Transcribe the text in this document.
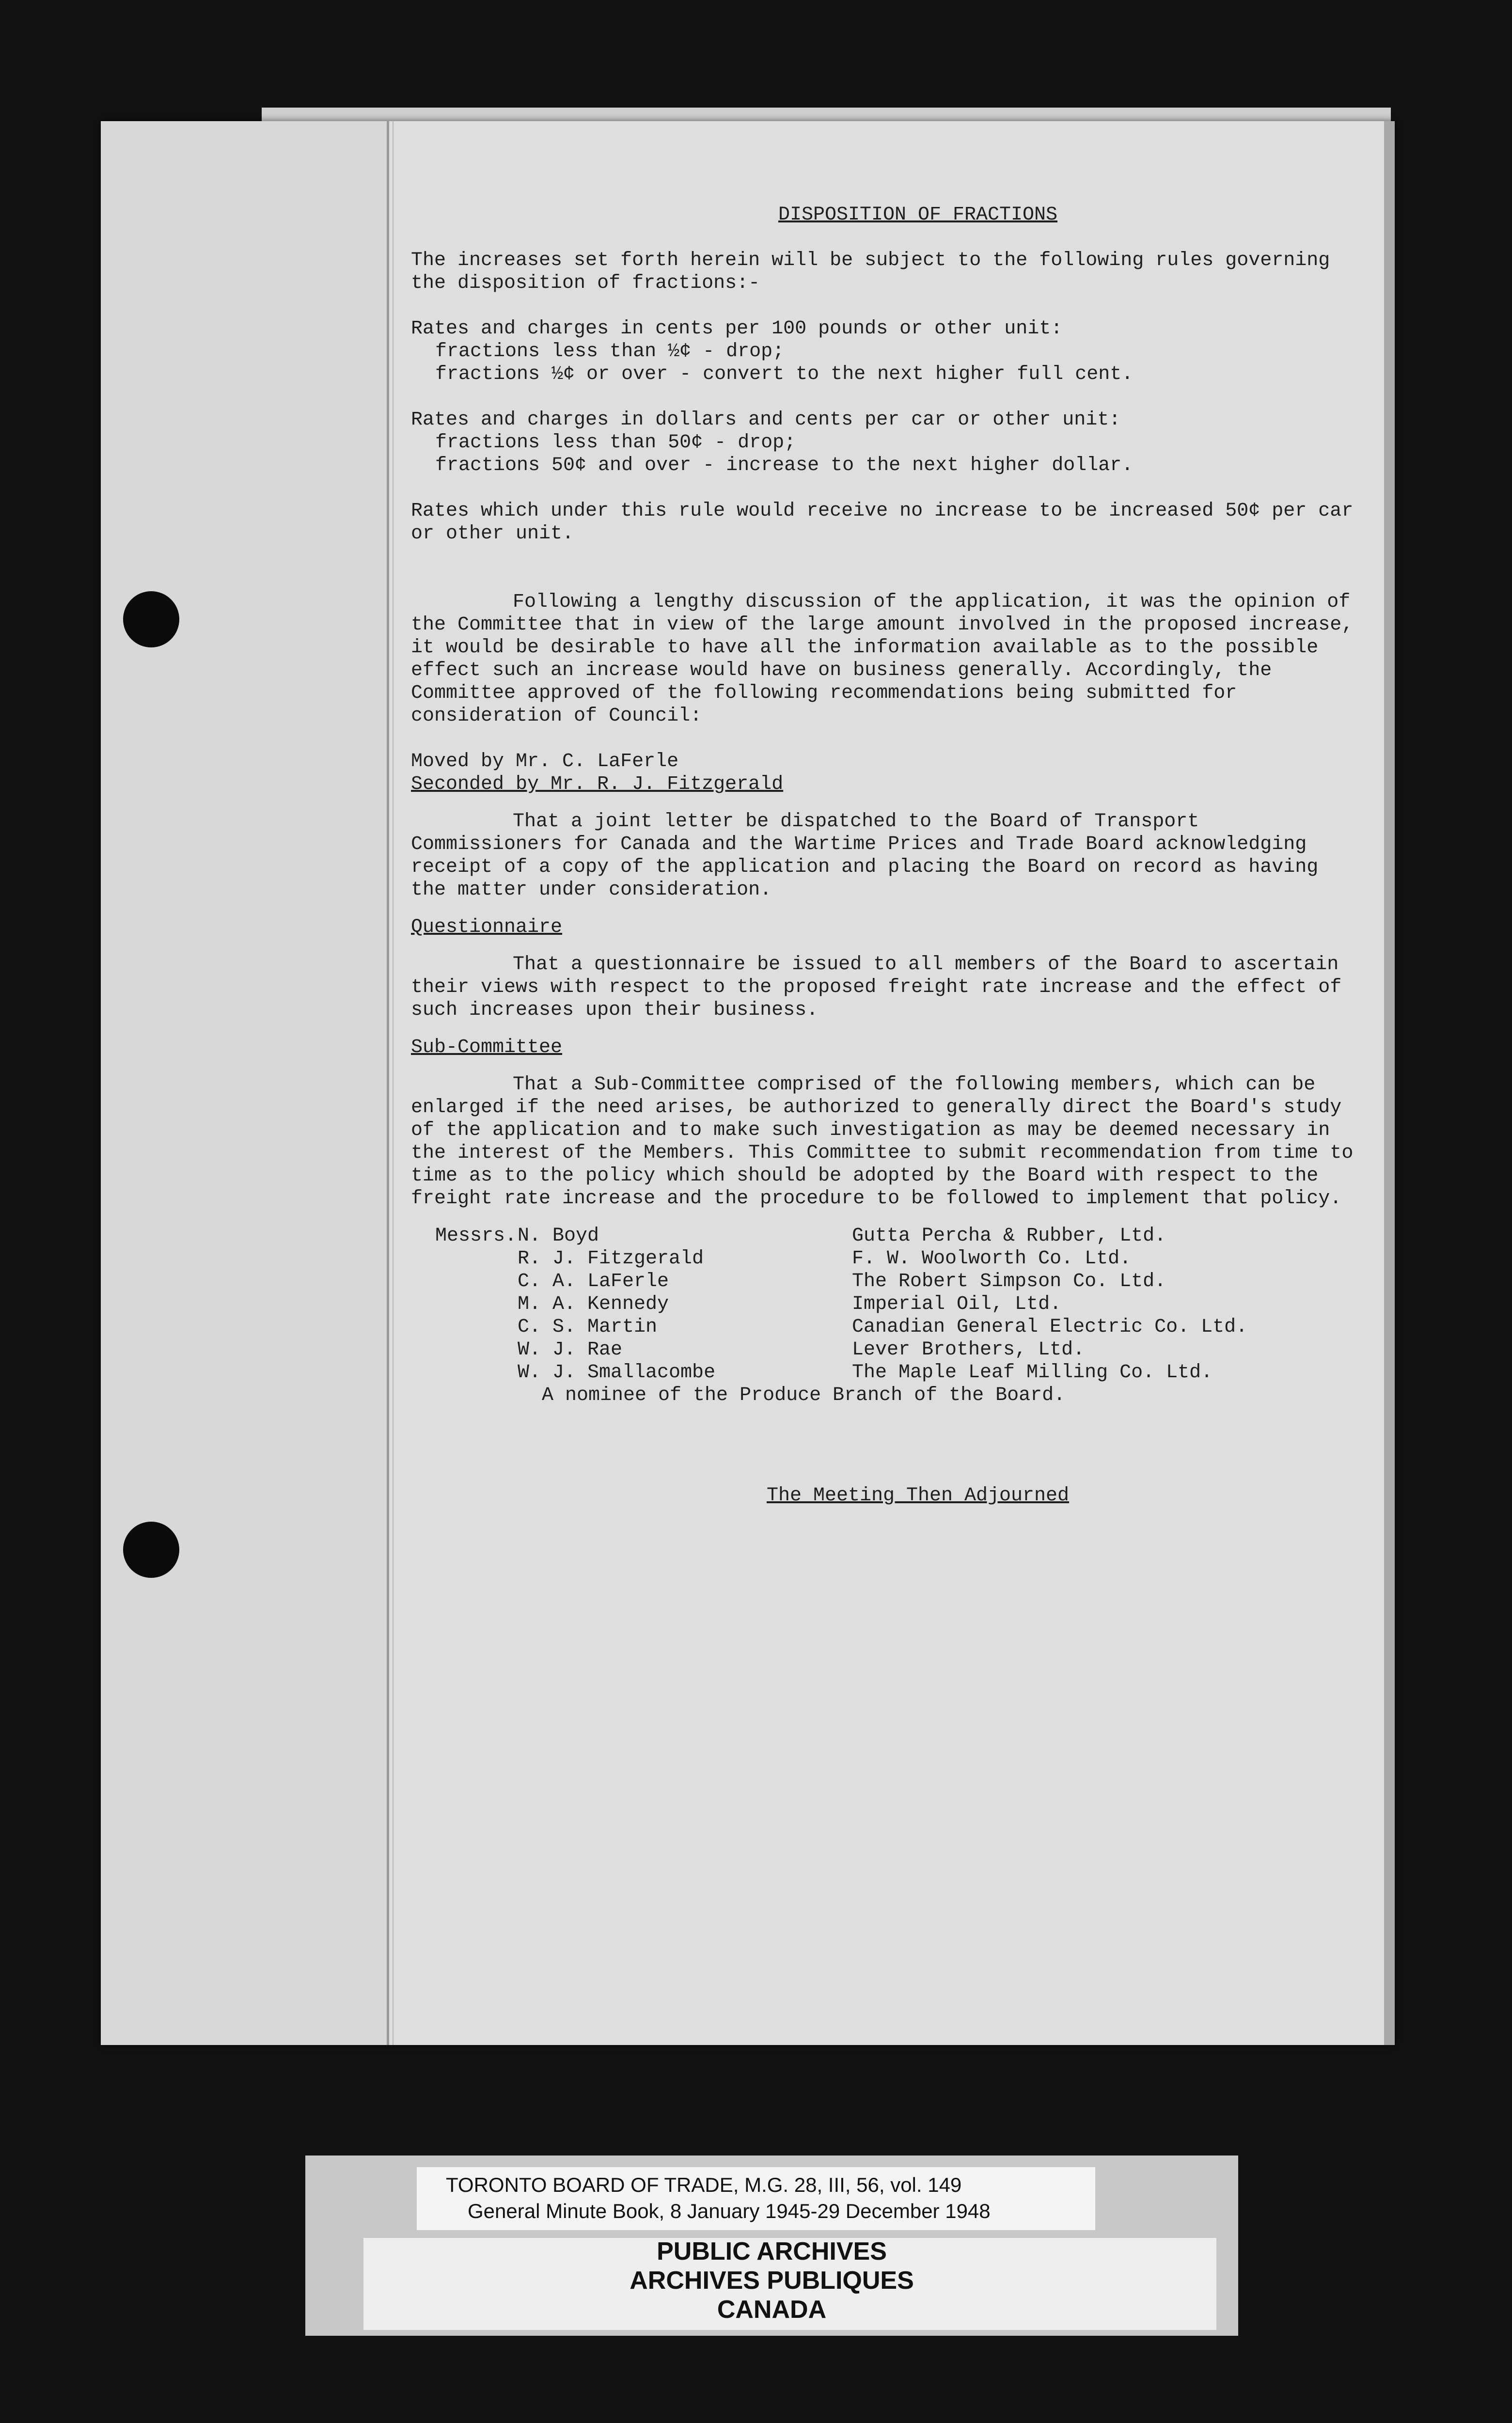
DISPOSITION OF FRACTIONS

The increases set forth herein will be subject to the following rules governing the disposition of fractions:-

Rates and charges in cents per 100 pounds or other unit:

fractions less than ½¢ - drop;

fractions ½¢ or over - convert to the next higher full cent.

Rates and charges in dollars and cents per car or other unit:

fractions less than 50¢ - drop;

fractions 50¢ and over - increase to the next higher dollar.

Rates which under this rule would receive no increase to be increased 50¢ per car or other unit.

Following a lengthy discussion of the application, it was the opinion of the Committee that in view of the large amount involved in the proposed increase, it would be desirable to have all the information available as to the possible effect such an increase would have on business generally. Accordingly, the Committee approved of the following recommendations being submitted for consideration of Council:

Moved by Mr. C. LaFerle

Seconded by Mr. R. J. Fitzgerald

That a joint letter be dispatched to the Board of Transport Commissioners for Canada and the Wartime Prices and Trade Board acknowledging receipt of a copy of the application and placing the Board on record as having the matter under consideration.

Questionnaire

That a questionnaire be issued to all members of the Board to ascertain their views with respect to the proposed freight rate increase and the effect of such increases upon their business.

Sub-Committee

That a Sub-Committee comprised of the following members, which can be enlarged if the need arises, be authorized to generally direct the Board's study of the application and to make such investigation as may be deemed necessary in the interest of the Members. This Committee to submit recommendation from time to time as to the policy which should be adopted by the Board with respect to the freight rate increase and the procedure to be followed to implement that policy.

Messrs. N. Boyd
R. J. Fitzgerald
C. A. LaFerle
M. A. Kennedy
C. S. Martin
W. J. Rae
W. J. Smallacombe
Gutta Percha & Rubber, Ltd.
F. W. Woolworth Co. Ltd.
The Robert Simpson Co. Ltd.
Imperial Oil, Ltd.
Canadian General Electric Co. Ltd.
Lever Brothers, Ltd.
The Maple Leaf Milling Co. Ltd.

A nominee of the Produce Branch of the Board.

The Meeting Then Adjourned

TORONTO BOARD OF TRADE, M.G. 28, III, 56, vol. 149
General Minute Book, 8 January 1945-29 December 1948
PUBLIC ARCHIVES
ARCHIVES PUBLIQUES
CANADA
